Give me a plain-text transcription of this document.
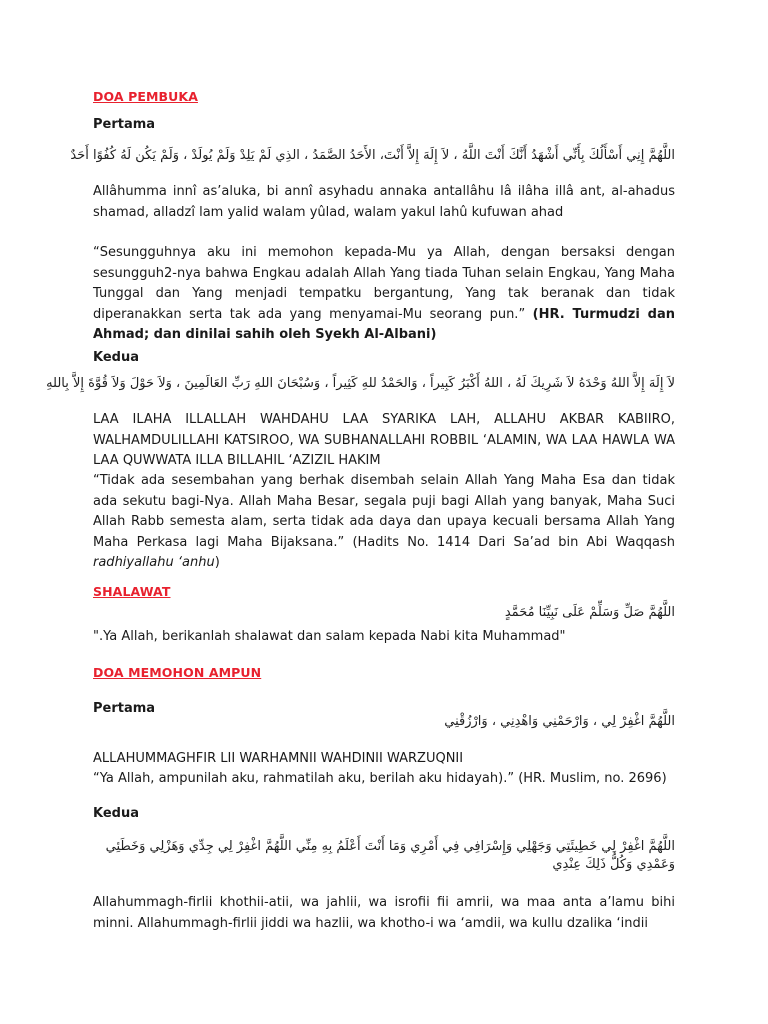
DOA PEMBUKA
Pertama
اللَّهُمَّ إِنِي أَسْأَلُكَ بِأَنِّي أَشْهَدُ أَنَّكَ أَنْتَ اللَّهُ ، لاَ إِلَهَ إِلاَّ أَنْتَ، الأَحَدُ الصَّمَدُ ، الذِي لَمْ يَلِدْ وَلَمْ يُولَدْ ، وَلَمْ يَكُن لَهُ كُفُوًا أَحَدٌ
Allâhumma innî as’aluka, bi annî asyhadu annaka antallâhu lâ ilâha illâ ant, al-ahadus shamad, alladzî lam yalid walam yûlad, walam yakul lahû kufuwan ahad
“Sesungguhnya aku ini memohon kepada-Mu ya Allah, dengan bersaksi dengan sesungguh2-nya bahwa Engkau adalah Allah Yang tiada Tuhan selain Engkau, Yang Maha Tunggal dan Yang menjadi tempatku bergantung, Yang tak beranak dan tidak diperanakkan serta tak ada yang menyamai-Mu seorang pun.” (HR. Turmudzi dan Ahmad; dan dinilai sahih oleh Syekh Al-Albani)
Kedua
لاَ إِلَهَ إِلاَّ اللهُ وَحْدَهُ لاَ شَرِيكَ لَهُ ، اللهُ أَكْبَرُ كَبِيراً ، وَالحَمْدُ للهِ كَثِيراً ، وَسُبْحَانَ اللهِ رَبِّ العَالَمِينَ ، وَلاَ حَوْلَ وَلاَ قُوَّةَ إِلاَّ بِاللهِ
LAA ILAHA ILLALLAH WAHDAHU LAA SYARIKA LAH, ALLAHU AKBAR KABIIRO, WALHAMDULILLAHI KATSIROO, WA SUBHANALLAHI ROBBIL ‘ALAMIN, WA LAA HAWLA WA LAA QUWWATA ILLA BILLAHIL ‘AZIZIL HAKIM
“Tidak ada sesembahan yang berhak disembah selain Allah Yang Maha Esa dan tidak ada sekutu bagi-Nya. Allah Maha Besar, segala puji bagi Allah yang banyak, Maha Suci Allah Rabb semesta alam, serta tidak ada daya dan upaya kecuali bersama Allah Yang Maha Perkasa lagi Maha Bijaksana.” (Hadits No. 1414 Dari Sa’ad bin Abi Waqqash radhiyallahu ‘anhu)
SHALAWAT
اللَّهُمَّ صَلِّ وَسَلِّمْ عَلَى نَبِيِّنَا مُحَمَّدٍ
".Ya Allah, berikanlah shalawat dan salam kepada Nabi kita Muhammad"
DOA MEMOHON AMPUN
Pertama
اللَّهُمَّ اغْفِرْ لِي ، وَارْحَمْنِي وَاهْدِنِي ، وَارْزُقْنِي
ALLAHUMMAGHFIR LII WARHAMNII WAHDINII WARZUQNII
“Ya Allah, ampunilah aku, rahmatilah aku, berilah aku hidayah).” (HR. Muslim, no. 2696)
Kedua
اللَّهُمَّ اغْفِرْ لِي خَطِيئَتِي وَجَهْلِي وَإِسْرَافِي فِي أَمْرِي وَمَا أَنْتَ أَعْلَمُ بِهِ مِنِّي اللَّهُمَّ اغْفِرْ لِي جِدِّي وَهَزْلِي وَخَطَئِي وَعَمْدِي وَكُلُّ ذَلِكَ عِنْدِي
Allahummagh-firlii khothii-atii, wa jahlii, wa isrofii fii amrii, wa maa anta a’lamu bihi minni. Allahummagh-firlii jiddi wa hazlii, wa khotho-i wa ‘amdii, wa kullu dzalika ‘indii
